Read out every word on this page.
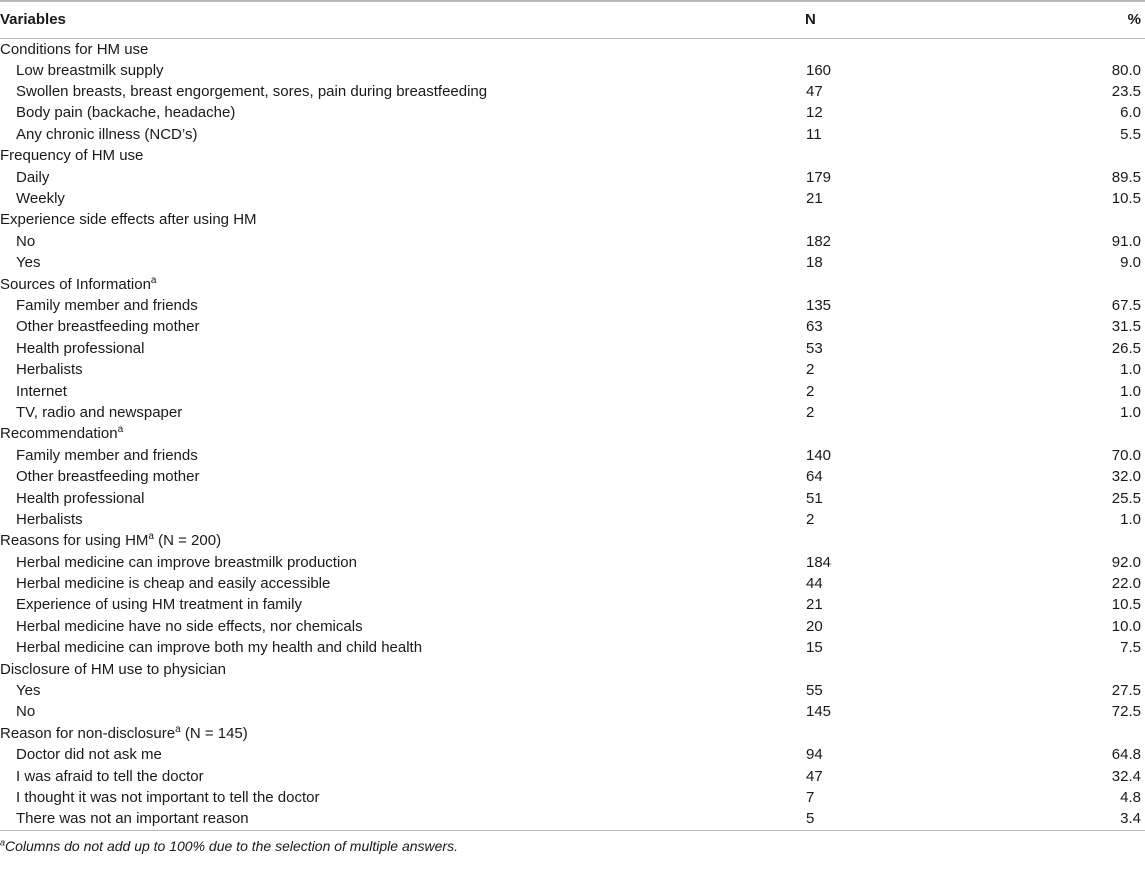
Variables	N	%
Conditions for HM use		
Low breastmilk supply	160	80.0
Swollen breasts, breast engorgement, sores, pain during breastfeeding	47	23.5
Body pain (backache, headache)	12	6.0
Any chronic illness (NCD’s)	11	5.5
Frequency of HM use		
Daily	179	89.5
Weekly	21	10.5
Experience side effects after using HM		
No	182	91.0
Yes	18	9.0
Sources of Information$^a$		
Family member and friends	135	67.5
Other breastfeeding mother	63	31.5
Health professional	53	26.5
Herbalists	2	1.0
Internet	2	1.0
TV, radio and newspaper	2	1.0
Recommendation$^a$		
Family member and friends	140	70.0
Other breastfeeding mother	64	32.0
Health professional	51	25.5
Herbalists	2	1.0
Reasons for using $HM^a$ (N = 200)		
Herbal medicine can improve breastmilk production	184	92.0
Herbal medicine is cheap and easily accessible	44	22.0
Experience of using HM treatment in family	21	10.5
Herbal medicine have no side effects, nor chemicals	20	10.0
Herbal medicine can improve both my health and child health	15	7.5
Disclosure of HM use to physician		
Yes	55	27.5
No	145	72.5
Reason for non-disclosure$^a$ (N = 145)		
Doctor did not ask me	94	64.8
I was afraid to tell the doctor	47	32.4
I thought it was not important to tell the doctor	7	4.8
There was not an important reason	5	3.4
$^a$Columns do not add up to 100% due to the selection of multiple answers.
